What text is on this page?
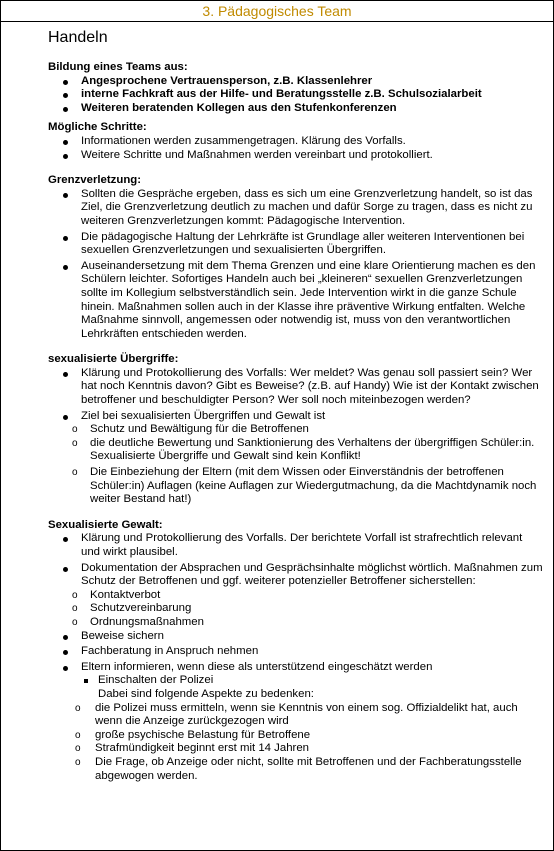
3. Pädagogisches Team
Handeln
Bildung eines Teams aus:
Angesprochene Vertrauensperson, z.B. Klassenlehrer
interne Fachkraft aus der Hilfe- und Beratungsstelle z.B. Schulsozialarbeit
Weiteren beratenden Kollegen aus den Stufenkonferenzen
Mögliche Schritte:
Informationen werden zusammengetragen. Klärung des Vorfalls.
Weitere Schritte und Maßnahmen werden vereinbart und protokolliert.
Grenzverletzung:
Sollten die Gespräche ergeben, dass es sich um eine Grenzverletzung handelt, so ist das Ziel, die Grenzverletzung deutlich zu machen und dafür Sorge zu tragen, dass es nicht zu weiteren Grenzverletzungen kommt: Pädagogische Intervention.
Die pädagogische Haltung der Lehrkräfte ist Grundlage aller weiteren Interventionen bei sexuellen Grenzverletzungen und sexualisierten Übergriffen.
Auseinandersetzung mit dem Thema Grenzen und eine klare Orientierung machen es den Schülern leichter. Sofortiges Handeln auch bei „kleineren“ sexuellen Grenzverletzungen sollte im Kollegium selbstverständlich sein. Jede Intervention wirkt in die ganze Schule hinein. Maßnahmen sollen auch in der Klasse ihre präventive Wirkung entfalten. Welche Maßnahme sinnvoll, angemessen oder notwendig ist, muss von den verantwortlichen Lehrkräften entschieden werden.
sexualisierte Übergriffe:
Klärung und Protokollierung des Vorfalls: Wer meldet? Was genau soll passiert sein? Wer hat noch Kenntnis davon? Gibt es Beweise? (z.B. auf Handy) Wie ist der Kontakt zwischen betroffener und beschuldigter Person? Wer soll noch miteinbezogen werden?
Ziel bei sexualisierten Übergriffen und Gewalt ist
o Schutz und Bewältigung für die Betroffenen
o die deutliche Bewertung und Sanktionierung des Verhaltens der übergriffigen Schüler:in. Sexualisierte Übergriffe und Gewalt sind kein Konflikt!
o Die Einbeziehung der Eltern (mit dem Wissen oder Einverständnis der betroffenen Schüler:in) Auflagen (keine Auflagen zur Wiedergutmachung, da die Machtdynamik noch weiter Bestand hat!)
Sexualisierte Gewalt:
Klärung und Protokollierung des Vorfalls. Der berichtete Vorfall ist strafrechtlich relevant und wirkt plausibel.
Dokumentation der Absprachen und Gesprächsinhalte möglichst wörtlich. Maßnahmen zum Schutz der Betroffenen und ggf. weiterer potenzieller Betroffener sicherstellen:
o Kontaktverbot
o Schutzvereinbarung
o Ordnungsmaßnahmen
Beweise sichern
Fachberatung in Anspruch nehmen
Eltern informieren, wenn diese als unterstützend eingeschätzt werden
Einschalten der Polizei
Dabei sind folgende Aspekte zu bedenken:
o die Polizei muss ermitteln, wenn sie Kenntnis von einem sog. Offizialdelikt hat, auch wenn die Anzeige zurückgezogen wird
o große psychische Belastung für Betroffene
o Strafmündigkeit beginnt erst mit 14 Jahren
o Die Frage, ob Anzeige oder nicht, sollte mit Betroffenen und der Fachberatungsstelle abgewogen werden.
